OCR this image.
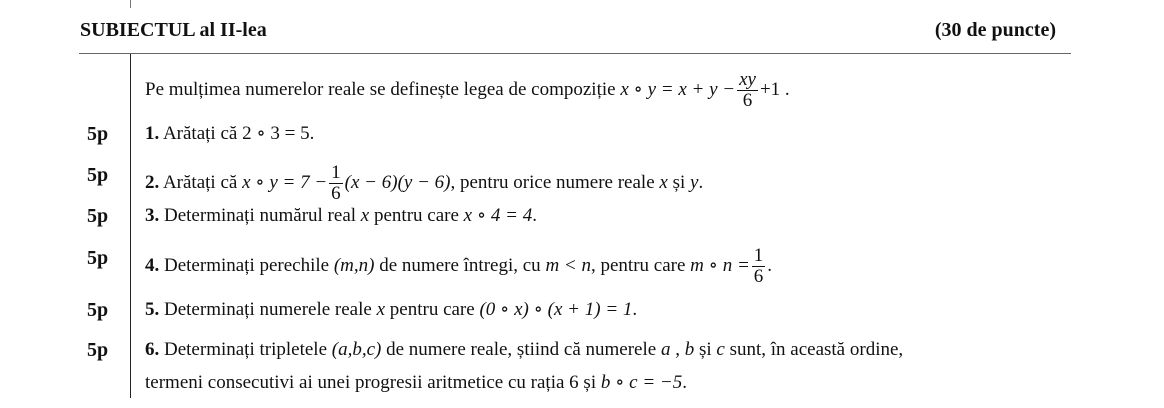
SUBIECTUL al II-lea	(30 de puncte)
Pe mulțimea numerelor reale se definește legea de compoziție x ∘ $y = x + y - \frac{xy}{6} +1$ .
5p 1. Arătați că 2 ∘ 3 = 5.
5p 2. Arătați că x ∘ $y = 7 - \frac{1}{6} (x - 6)(y - 6)$, pentru orice numere reale x și y.
5p 3. Determinați numărul real x pentru care x ∘ 4 = 4.
5p 4. Determinați perechile (m,n) de numere întregi, cu m < n, pentru care m ∘ $n = \frac{1}{6}$ .
5p 5. Determinați numerele reale x pentru care (0 ∘ x) ∘ (x + 1) = 1.
5p 6. Determinați tripletele (a,b,c) de numere reale, știind că numerele a , b și c sunt, în această ordine,
termeni consecutivi ai unei progresii aritmetice cu rația 6 și b ∘ c = −5.
